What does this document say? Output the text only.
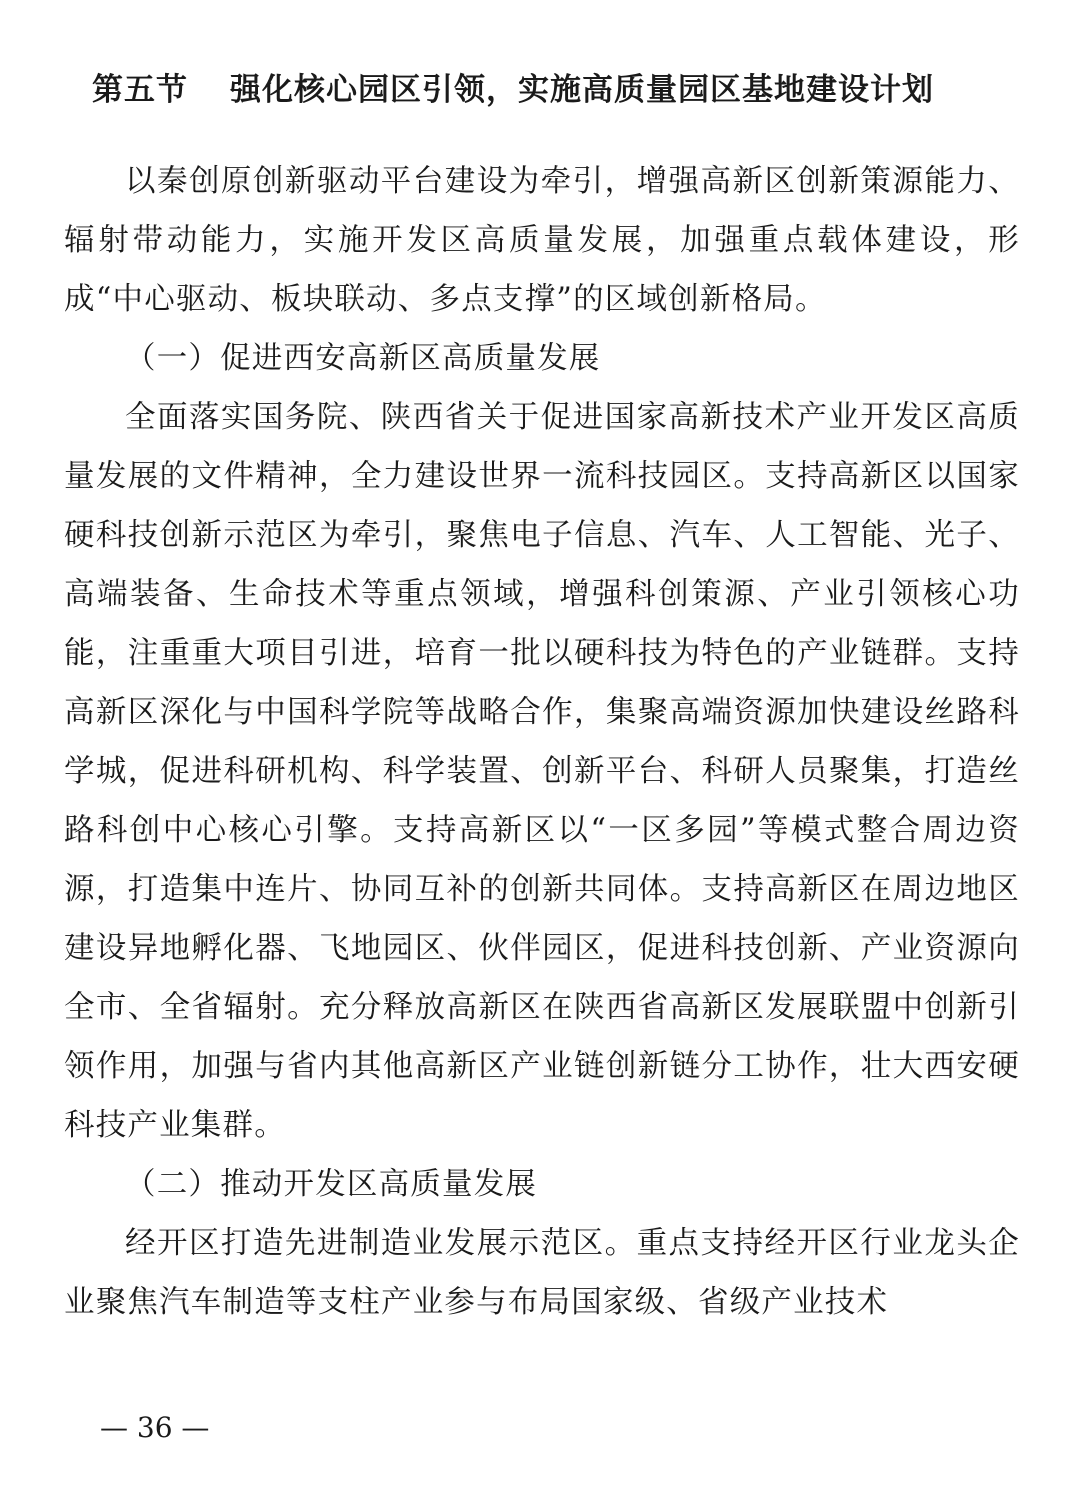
第五节 强化核心园区引领，实施高质量园区基地建设计划

以秦创原创新驱动平台建设为牵引，增强高新区创新策源能力、辐射带动能力，实施开发区高质量发展，加强重点载体建设，形成“中心驱动、板块联动、多点支撑”的区域创新格局。

（一）促进西安高新区高质量发展

全面落实国务院、陕西省关于促进国家高新技术产业开发区高质量发展的文件精神，全力建设世界一流科技园区。支持高新区以国家硬科技创新示范区为牵引，聚焦电子信息、汽车、人工智能、光子、高端装备、生命技术等重点领域，增强科创策源、产业引领核心功能，注重重大项目引进，培育一批以硬科技为特色的产业链群。支持高新区深化与中国科学院等战略合作，集聚高端资源加快建设丝路科学城，促进科研机构、科学装置、创新平台、科研人员聚集，打造丝路科创中心核心引擎。支持高新区以“一区多园”等模式整合周边资源，打造集中连片、协同互补的创新共同体。支持高新区在周边地区建设异地孵化器、飞地园区、伙伴园区，促进科技创新、产业资源向全市、全省辐射。充分释放高新区在陕西省高新区发展联盟中创新引领作用，加强与省内其他高新区产业链创新链分工协作，壮大西安硬科技产业集群。

（二）推动开发区高质量发展

经开区打造先进制造业发展示范区。重点支持经开区行业龙头企业聚焦汽车制造等支柱产业参与布局国家级、省级产业技术

— 36 —
